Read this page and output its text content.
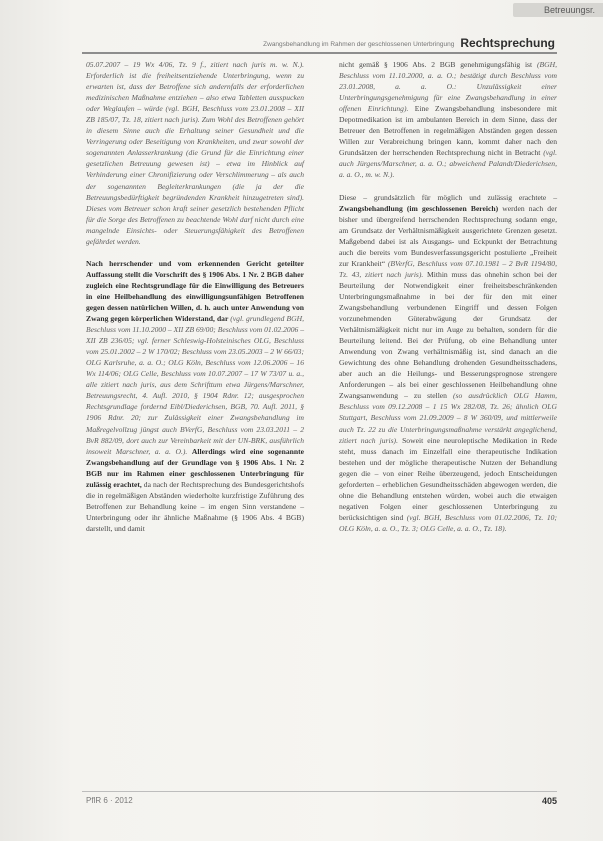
Betreuungsr.
Zwangsbehandlung im Rahmen der geschlossenen Unterbringung Rechtsprechung

05.07.2007 – 19 Wx 4/06, Tz. 9 f., zitiert nach juris m. w. N.). Erforderlich ist die freiheitsentziehende Unterbringung, wenn zu erwarten ist, dass der Betroffene sich andernfalls der erforderlichen medizinischen Maßnahme entziehen – also etwa Tabletten ausspucken oder Weglaufen – würde (vgl. BGH, Beschluss vom 23.01.2008 – XII ZB 185/07, Tz. 18, zitiert nach juris). Zum Wohl des Betroffenen gehört in diesem Sinne auch die Erhaltung seiner Gesundheit und die Verringerung oder Beseitigung von Krankheiten, und zwar sowohl der sogenannten Anlasserkrankung (die Grund für die Einrichtung einer gesetzlichen Betreuung gewesen ist) – etwa im Hinblick auf Verhinderung einer Chronifizierung oder Verschlimmerung – als auch der sogenannten Begleiterkrankungen (die ja der die Betreuungsbedürftigkeit begründenden Krankheit hinzugetreten sind). Dieses vom Betreuer schon kraft seiner gesetzlich bestehenden Pflicht für die Sorge des Betroffenen zu beachtende Wohl darf nicht durch eine mangelnde Einsichts- oder Steuerungsfähigkeit des Betroffenen gefährdet werden.

Nach herrschender und vom erkennenden Gericht geteilter Auffassung stellt die Vorschrift des § 1906 Abs. 1 Nr. 2 BGB daher zugleich eine Rechtsgrundlage für die Einwilligung des Betreuers in eine Heilbehandlung des einwilligungsunfähigen Betroffenen gegen dessen natürlichen Willen, d. h. auch unter Anwendung von Zwang gegen körperlichen Widerstand, dar (vgl. grundlegend BGH, Beschluss vom 11.10.2000 – XII ZB 69/00; Beschluss vom 01.02.2006 – XII ZB 236/05; vgl. ferner Schleswig-Holsteinisches OLG, Beschluss vom 25.01.2002 – 2 W 170/02; Beschluss vom 23.05.2003 – 2 W 66/03; OLG Karlsruhe, a. a. O.; OLG Köln, Beschluss vom 12.06.2006 – 16 Wx 114/06; OLG Celle, Beschluss vom 10.07.2007 – 17 W 73/07 u. a., alle zitiert nach juris, aus dem Schrifttum etwa Jürgens/Marschner, Betreuungsrecht, 4. Aufl. 2010, § 1904 Rdnr. 12; ausgesprochen Rechtsgrundlage fordernd Eibl/Diederichsen, BGB, 70. Aufl. 2011, § 1906 Rdnr. 20; zur Zulässigkeit einer Zwangsbehandlung im Maßregelvollzug jüngst auch BVerfG, Beschluss vom 23.03.2011 – 2 BvR 882/09, dort auch zur Vereinbarkeit mit der UN-BRK, ausführlich insoweit Marschner, a. a. O.). Allerdings wird eine sogenannte Zwangsbehandlung auf der Grundlage von § 1906 Abs. 1 Nr. 2 BGB nur im Rahmen einer geschlossenen Unterbringung für zulässig erachtet, da nach der Rechtsprechung des Bundesgerichtshofs die in regelmäßigen Abständen wiederholte kurzfristige Zuführung des Betroffenen zur Behandlung keine – im engen Sinn verstandene – Unterbringung oder ihr ähnliche Maßnahme (§ 1906 Abs. 4 BGB) darstellt, und damit

nicht gemäß § 1906 Abs. 2 BGB genehmigungsfähig ist (BGH, Beschluss vom 11.10.2000, a. a. O.; bestätigt durch Beschluss vom 23.01.2008, a. a. O.: Unzulässigkeit einer Unterbringungsgenehmigung für eine Zwangsbehandlung in einer offenen Einrichtung). Eine Zwangsbehandlung insbesondere mit Depotmedikation ist im ambulanten Bereich in dem Sinne, dass der Betreuer den Betroffenen in regelmäßigen Abständen gegen dessen Willen zur Verabreichung bringen kann, kommt daher nach den Grundsätzen der herrschenden Rechtsprechung nicht in Betracht (vgl. auch Jürgens/Marschner, a. a. O.; abweichend Palandt/Diederichsen, a. a. O., m. w. N.).

Diese – grundsätzlich für möglich und zulässig erachtete – Zwangsbehandlung (im geschlossenen Bereich) werden nach der bisher und übergreifend herrschenden Rechtsprechung sodann enge, am Grundsatz der Verhältnismäßigkeit ausgerichtete Grenzen gesetzt. Maßgebend dabei ist als Ausgangs- und Eckpunkt der Betrachtung auch die bereits vom Bundesverfassungsgericht postulierte „Freiheit zur Krankheit“ (BVerfG, Beschluss vom 07.10.1981 – 2 BvR 1194/80, Tz. 43, zitiert nach juris). Mithin muss das ohnehin schon bei der Beurteilung der Notwendigkeit einer freiheitsbeschränkenden Unterbringungsmaßnahme in bei der für den mit einer Zwangsbehandlung verbundenen Eingriff und dessen Folgen vorzunehmenden Güterabwägung der Grundsatz der Verhältnismäßigkeit nicht nur im Auge zu behalten, sondern für die Beurteilung leitend. Bei der Prüfung, ob eine Behandlung unter Anwendung von Zwang verhältnismäßig ist, sind danach an die Gewichtung des ohne Behandlung drohenden Gesundheitsschadens, aber auch an die Heilungs- und Besserungsprognose strengere Anforderungen – als bei einer geschlossenen Heilbehandlung ohne Zwangsanwendung – zu stellen (so ausdrücklich OLG Hamm, Beschluss vom 09.12.2008 – 1 15 Wx 282/08, Tz. 26; ähnlich OLG Stuttgart, Beschluss vom 21.09.2009 – 8 W 360/09, und mittlerweile auch Tz. 22 zu die Unterbringungsmaßnahme verstärkt angeglichend, zitiert nach juris). Soweit eine neuroleptische Medikation in Rede steht, muss danach im Einzelfall eine therapeutische Indikation bestehen und der mögliche therapeutische Nutzen der Behandlung gegen die – von einer Reihe überzeugend, jedoch Entscheidungen geforderten – erheblichen Gesundheitsschäden abgewogen werden, die ohne die Behandlung entstehen würden, wobei auch die etwaigen negativen Folgen einer geschlossenen Unterbringung zu berücksichtigen sind (vgl. BGH, Beschluss vom 01.02.2006, Tz. 10; OLG Köln, a. a. O., Tz. 3; OLG Celle, a. a. O., Tz. 18).

PflR 6 · 2012	405
